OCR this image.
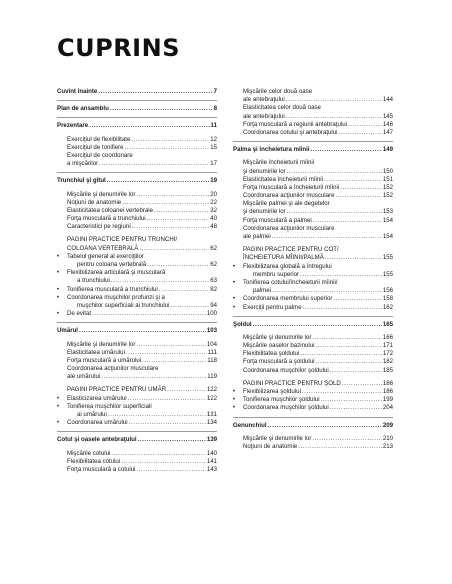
CUPRINS
Cuvînt înainte .....	7
Plan de ansamblu .....	8
Prezentare .....	11
Exerciţiul de flexibilitate .....	12
Exerciţiul de tonifiere .....	15
Exerciţiul de coordonare
a mişcărilor .....	17
Trunchiul şi gîtul .....	19
Mişcările şi denumirile lor .....	20
Noţiuni de anatomie .....	22
Elasticitatea coloanei vertebrale .....	32
Forţa musculară a trunchiului .....	40
Caracteristici pe regiuni .....	48
PAGINI PRACTICE PENTRU TRUNCHI/
COLOANA VERTEBRALĂ .....	62
• Tabelul general al exerciţiilor
pentru coloana vertebrală .....	62
• Flexibilizarea articulară şi musculară
a trunchiului .....	63
• Tonifierea musculară a trunchiului .....	82
• Coordonarea muşchilor profunzi şi a
muşchilor superficiali ai trunchiului .....	94
• De evitat .....	100
Umărul .....	103
Mişcările şi denumirile lor .....	104
Elasticitatea umărului .....	111
Forţa musculară a umărului .....	118
Coordonarea acţiunilor musculare
ale umărului .....	119
PAGINI PRACTICE PENTRU UMĂR .....	122
• Elasticizarea umărului .....	122
• Tonifierea muşchilor superficiali
ai umărului .....	131
• Coordonarea umărului .....	134
Cotul şi oasele antebraţului .....	139
Mişcările cotului .....	140
Flexibilitatea cotului .....	141
Forţa musculară a cotului .....	143
Mişcările celor două oase
ale antebraţului .....	144
Elasticitatea celor două oase
ale antebraţului .....	145
Forţa musculară a regiunii antebraţului .....	146
Coordonarea cotului şi antebraţului .....	147
Palma şi încheietura mîinii .....	149
Mişcările încheieturii mîinii
şi denumirile lor .....	150
Elasticitatea încheieturii mîinii .....	151
Forţa musculară a încheieturii mîinii .....	152
Coordonarea acţiunilor musculare .....	152
Mişcările palmei şi ale degetelor
şi denumirile lor .....	153
Forţa musculară a palmei .....	154
Coordonarea acţiunilor musculare
ale palmei .....	154
PAGINI PRACTICE PENTRU COT/
ÎNCHEIETURA MÎINII/PALMĂ .....	155
• Flexibilizarea globală a întregului
membru superior .....	155
• Tonifierea cotului/încheieturii mîinii/
palmei .....	156
• Coordonarea membrului superior .....	158
• Exerciţii pentru palme .....	162
Şoldul .....	165
Mişcările şi denumirile lor .....	166
Mişcările oaselor bazinului .....	171
Flexibilitatea şoldului .....	172
Forţa musculară a şoldului .....	182
Coordonarea muşchilor şoldului .....	185
PAGINI PRACTICE PENTRU ŞOLD .....	186
• Flexibilizarea şoldului .....	186
• Tonifierea muşchilor şoldului .....	199
• Coordonarea muşchilor şoldului .....	204
Genunchiul .....	209
Mişcările şi denumirile lor .....	210
Noţiuni de anatomie .....	213
